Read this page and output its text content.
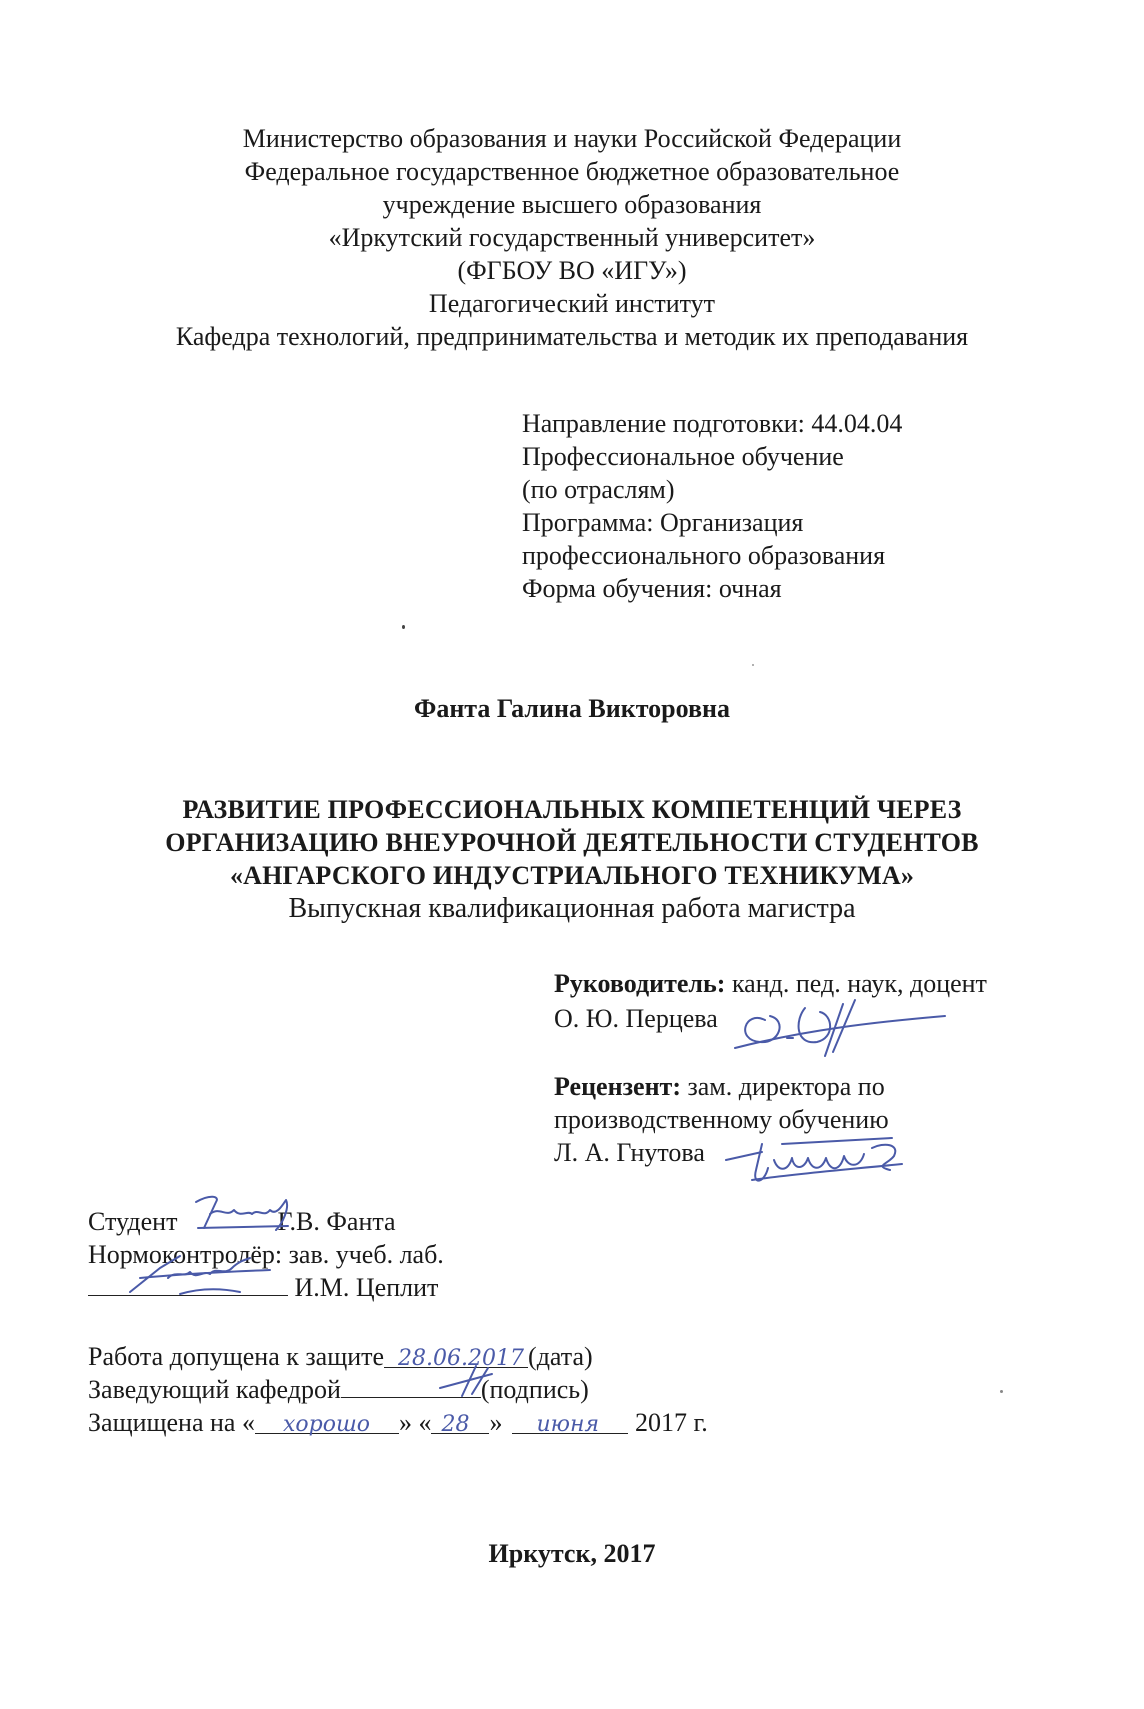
Министерство образования и науки Российской Федерации
Федеральное государственное бюджетное образовательное
учреждение высшего образования
«Иркутский государственный университет»
(ФГБОУ ВО «ИГУ»)
Педагогический институт
Кафедра технологий, предпринимательства и методик их преподавания
Направление подготовки: 44.04.04
Профессиональное обучение
(по отраслям)
Программа: Организация
профессионального образования
Форма обучения: очная
Фанта Галина Викторовна
РАЗВИТИЕ ПРОФЕССИОНАЛЬНЫХ КОМПЕТЕНЦИЙ ЧЕРЕЗ
ОРГАНИЗАЦИЮ ВНЕУРОЧНОЙ ДЕЯТЕЛЬНОСТИ СТУДЕНТОВ
«АНГАРСКОГО ИНДУСТРИАЛЬНОГО ТЕХНИКУМА»
Выпускная квалификационная работа магистра
Руководитель: канд. пед. наук, доцент
О. Ю. Перцева
Рецензент: зам. директора по
производственному обучению
Л. А. Гнутова
Студент	Г.В. Фанта
Нормоконтролёр: зав. учеб. лаб.
И.М. Цеплит
Работа допущена к защите 28.06.2017 (дата)
Заведующий кафедрой	(подпись)
Защищена на « хорошо » « 28 » июня 2017 г.
Иркутск, 2017
